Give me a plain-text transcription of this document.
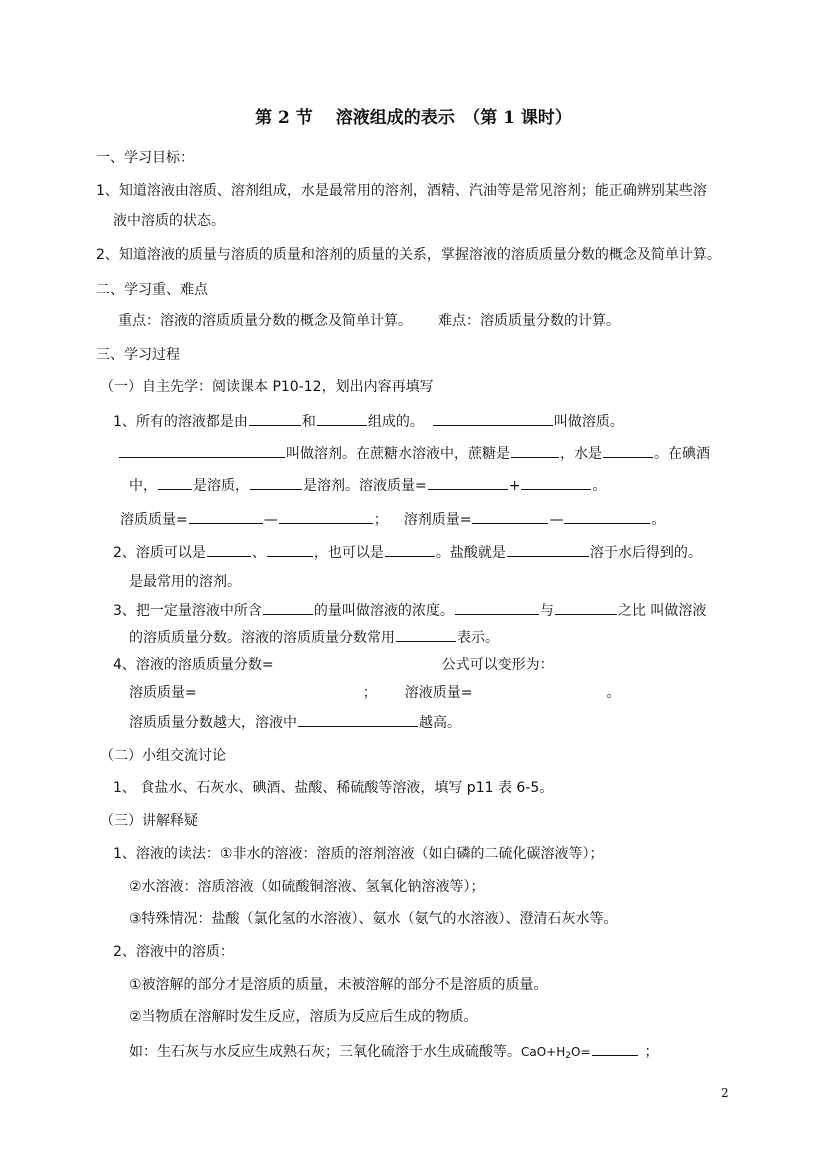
第 2 节　 溶液组成的表示　（第 1 课时）
一、学习目标：
1、知道溶液由溶质、溶剂组成，水是最常用的溶剂，酒精、汽油等是常见溶剂；能正确辨别某些溶
液中溶质的状态。
2、知道溶液的质量与溶质的质量和溶剂的质量的关系，掌握溶液的溶质质量分数的概念及简单计算。
二、学习重、难点
重点：溶液的溶质质量分数的概念及简单计算。 难点：溶质质量分数的计算。
三、学习过程
（一）自主先学：阅读课本 P10-12，划出内容再填写
1、所有的溶液都是由	和	组成的。	叫做溶质。
叫做溶剂。在蔗糖水溶液中，蔗糖是	，水是	。在碘酒
中，	是溶质，	是溶剂。溶液质量=	+	。
溶质质量=	—	； 溶剂质量=	—	。
2、溶质可以是	、	，也可以是	。盐酸就是	溶于水后得到的。
是最常用的溶剂。
3、把一定量溶液中所含	的量叫做溶液的浓度。	与	之比 叫做溶液
的溶质质量分数。溶液的溶质质量分数常用	表示。
4、溶液的溶质质量分数=	公式可以变形为：
溶质质量=	； 溶液质量=	。
溶质质量分数越大，溶液中	越高。
（二）小组交流讨论
1、 食盐水、石灰水、碘酒、盐酸、稀硫酸等溶液，填写 p11 表 6-5。
（三）讲解释疑
1、溶液的读法：①非水的溶液：溶质的溶剂溶液（如白磷的二硫化碳溶液等）；
②水溶液：溶质溶液（如硫酸铜溶液、氢氧化钠溶液等）；
③特殊情况：盐酸（氯化氢的水溶液）、氨水（氨气的水溶液）、澄清石灰水等。
2、溶液中的溶质：
①被溶解的部分才是溶质的质量，未被溶解的部分不是溶质的质量。
②当物质在溶解时发生反应，溶质为反应后生成的物质。
如：生石灰与水反应生成熟石灰；三氧化硫溶于水生成硫酸等。$CaO+H_2O=$	；
2
